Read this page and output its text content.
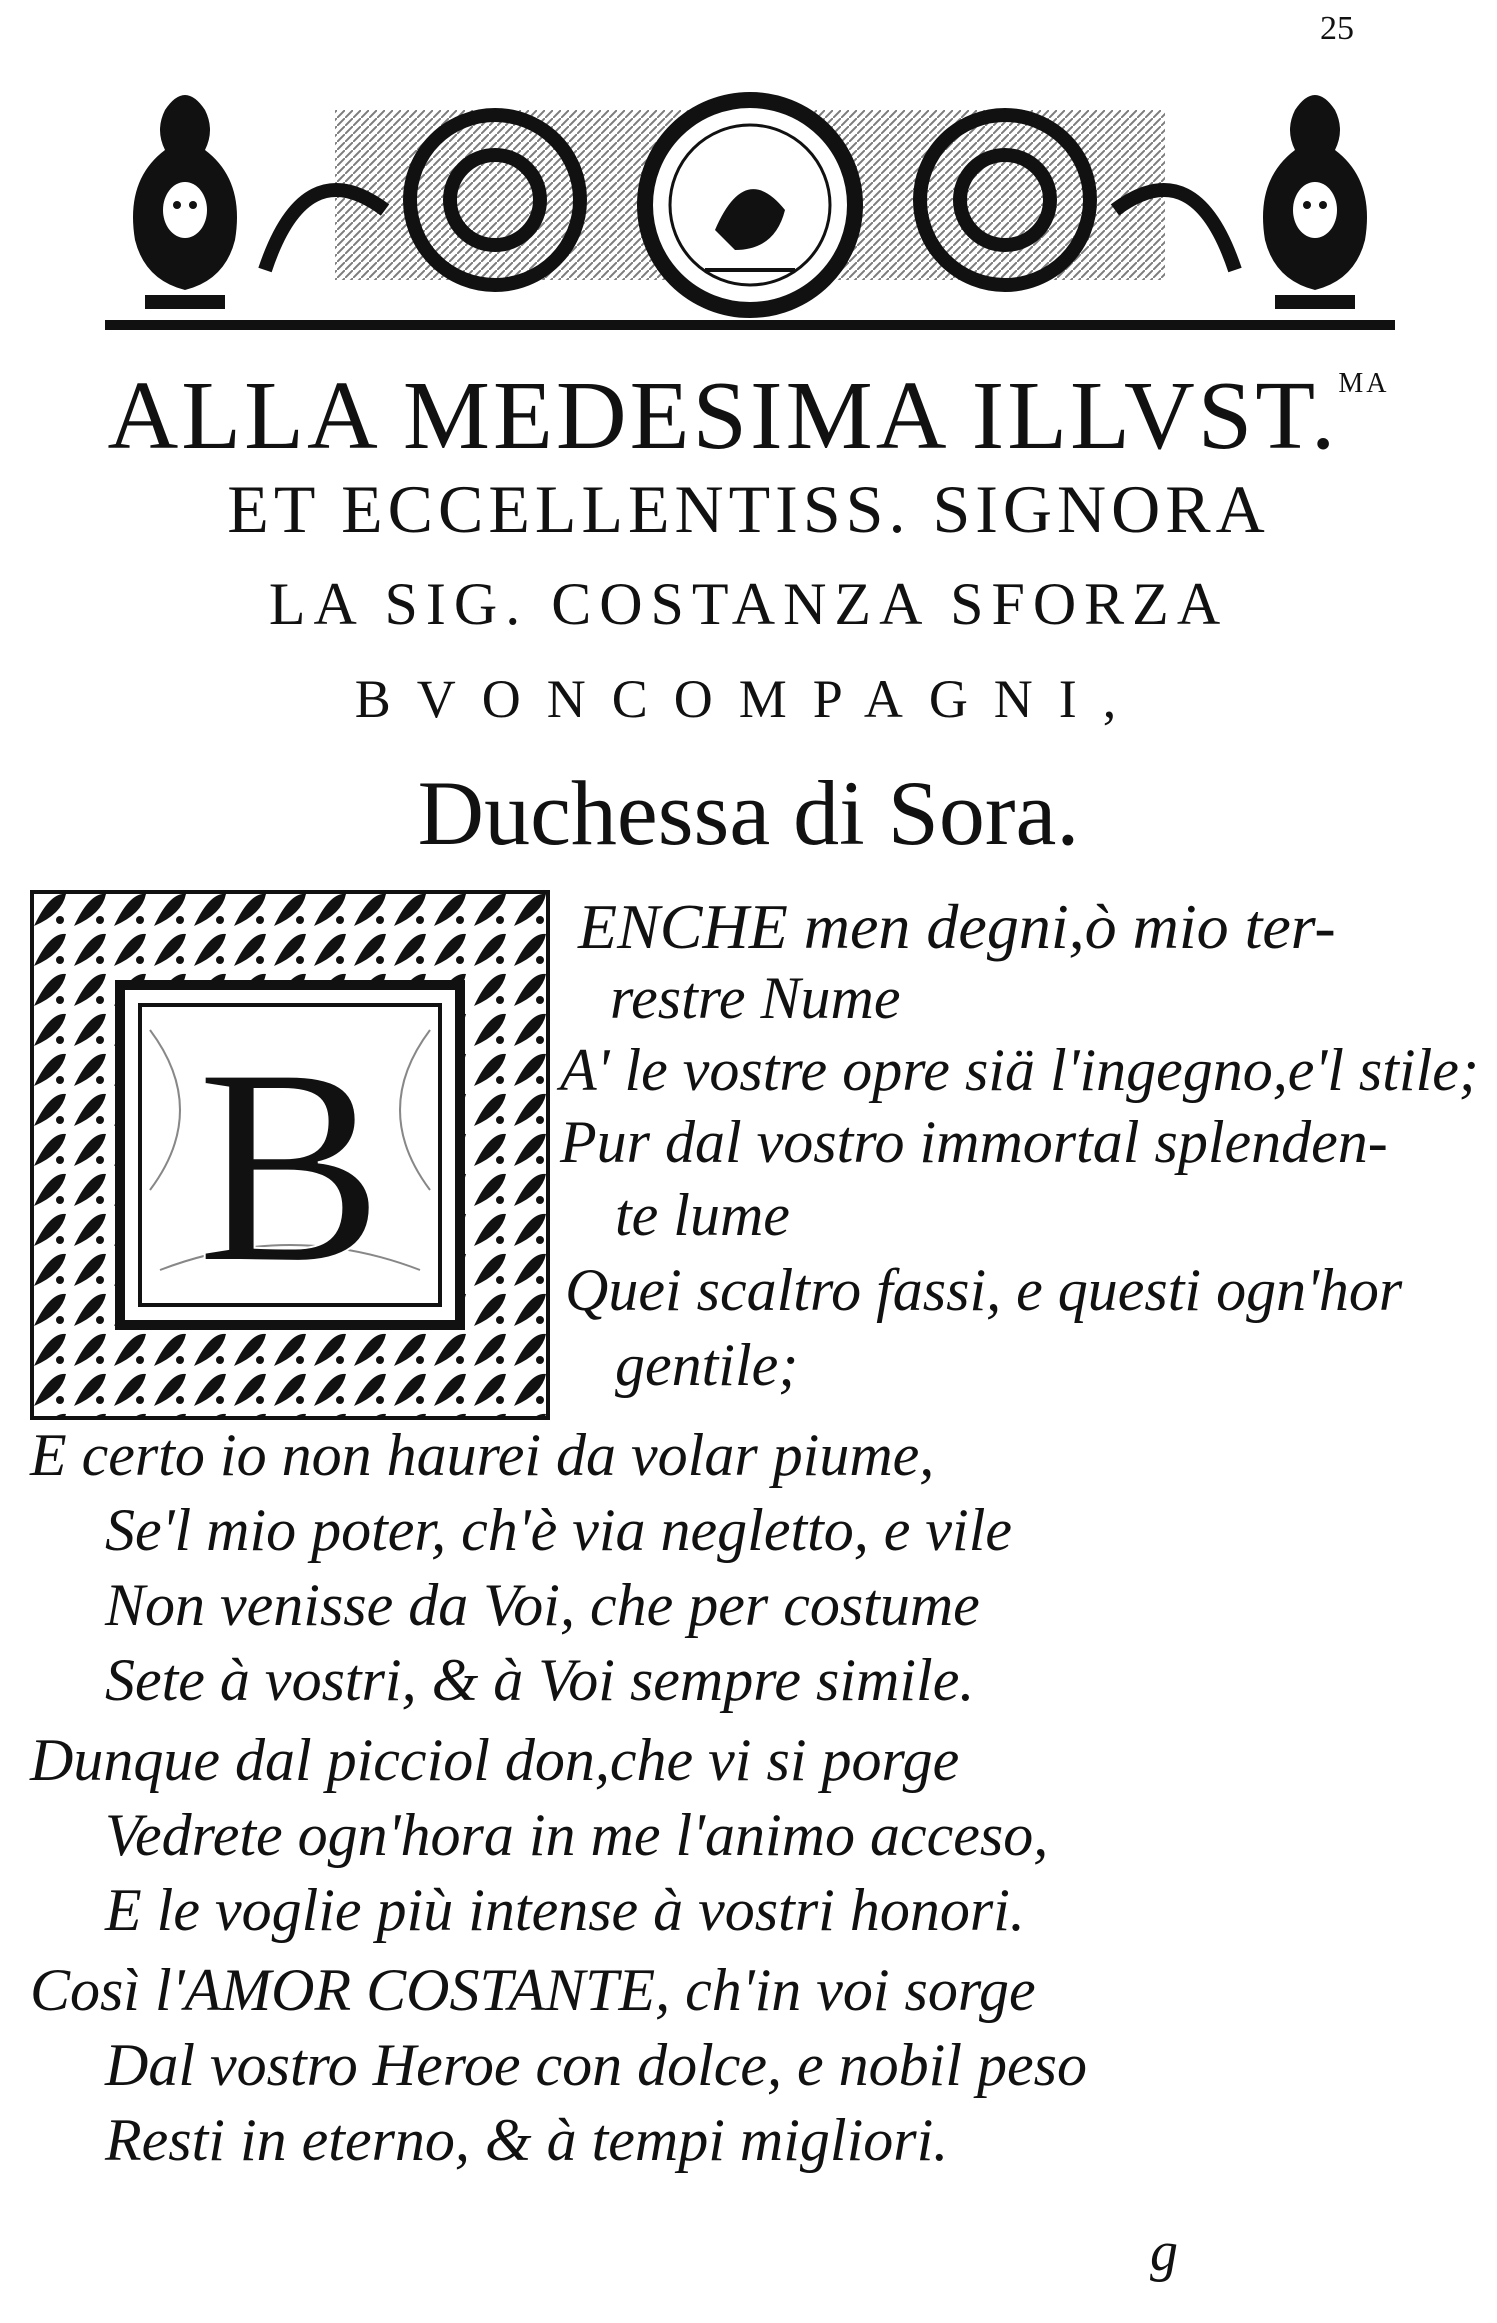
25
ALLA MEDESIMA ILLVST.$^{MA}$
ET ECCELLENTISS. SIGNORA
LA SIG. COSTANZA SFORZA
BVONCOMPAGNI,
Duchessa di Sora.
B
ENCHE men degni,ò mio ter-
restre Nume
A' le vostre opre siä l'ingegno,e'l stile;
Pur dal vostro immortal splenden-
te lume
Quei scaltro fassi, e questi ogn'hor
gentile;
E certo io non haurei da volar piume,
Se'l mio poter, ch'è via negletto, e vile
Non venisse da Voi, che per costume
Sete à vostri, & à Voi sempre simile.
Dunque dal picciol don,che vi si porge
Vedrete ogn'hora in me l'animo acceso,
E le voglie più intense à vostri honori.
Così l'AMOR COSTANTE, ch'in voi sorge
Dal vostro Heroe con dolce, e nobil peso
Resti in eterno, & à tempi migliori.
g
